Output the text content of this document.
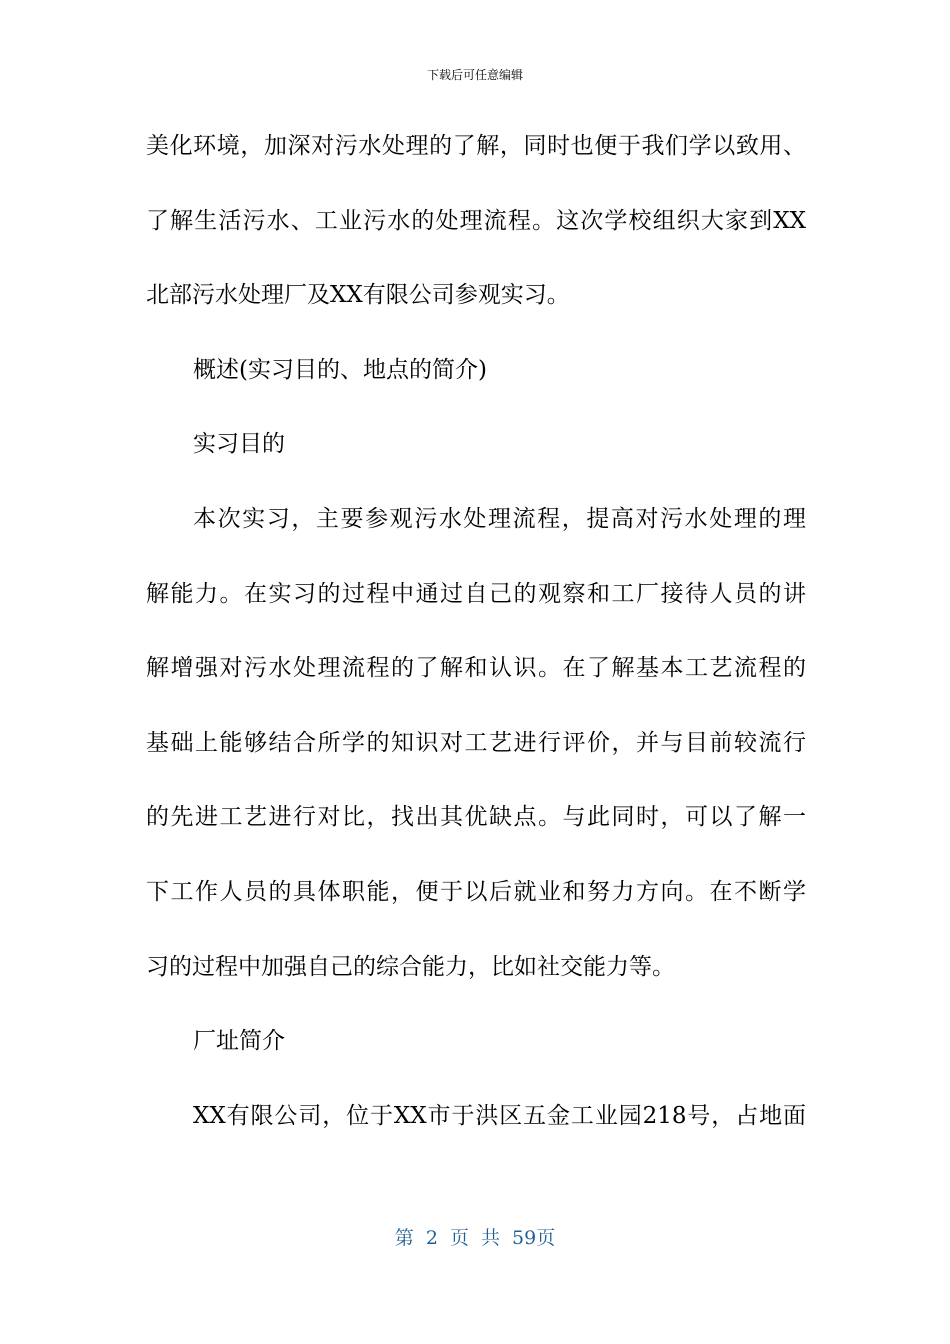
下载后可任意编辑
美化环境，加深对污水处理的了解，同时也便于我们学以致用、
了解生活污水、工业污水的处理流程。这次学校组织大家到XX
北部污水处理厂及XX有限公司参观实习。
概述(实习目的、地点的简介)
实习目的
本次实习，主要参观污水处理流程，提高对污水处理的理
解能力。在实习的过程中通过自己的观察和工厂接待人员的讲
解增强对污水处理流程的了解和认识。在了解基本工艺流程的
基础上能够结合所学的知识对工艺进行评价，并与目前较流行
的先进工艺进行对比，找出其优缺点。与此同时，可以了解一
下工作人员的具体职能，便于以后就业和努力方向。在不断学
习的过程中加强自己的综合能力，比如社交能力等。
厂址简介
XX有限公司，位于XX市于洪区五金工业园218号，占地面
第 2 页 共 59页
